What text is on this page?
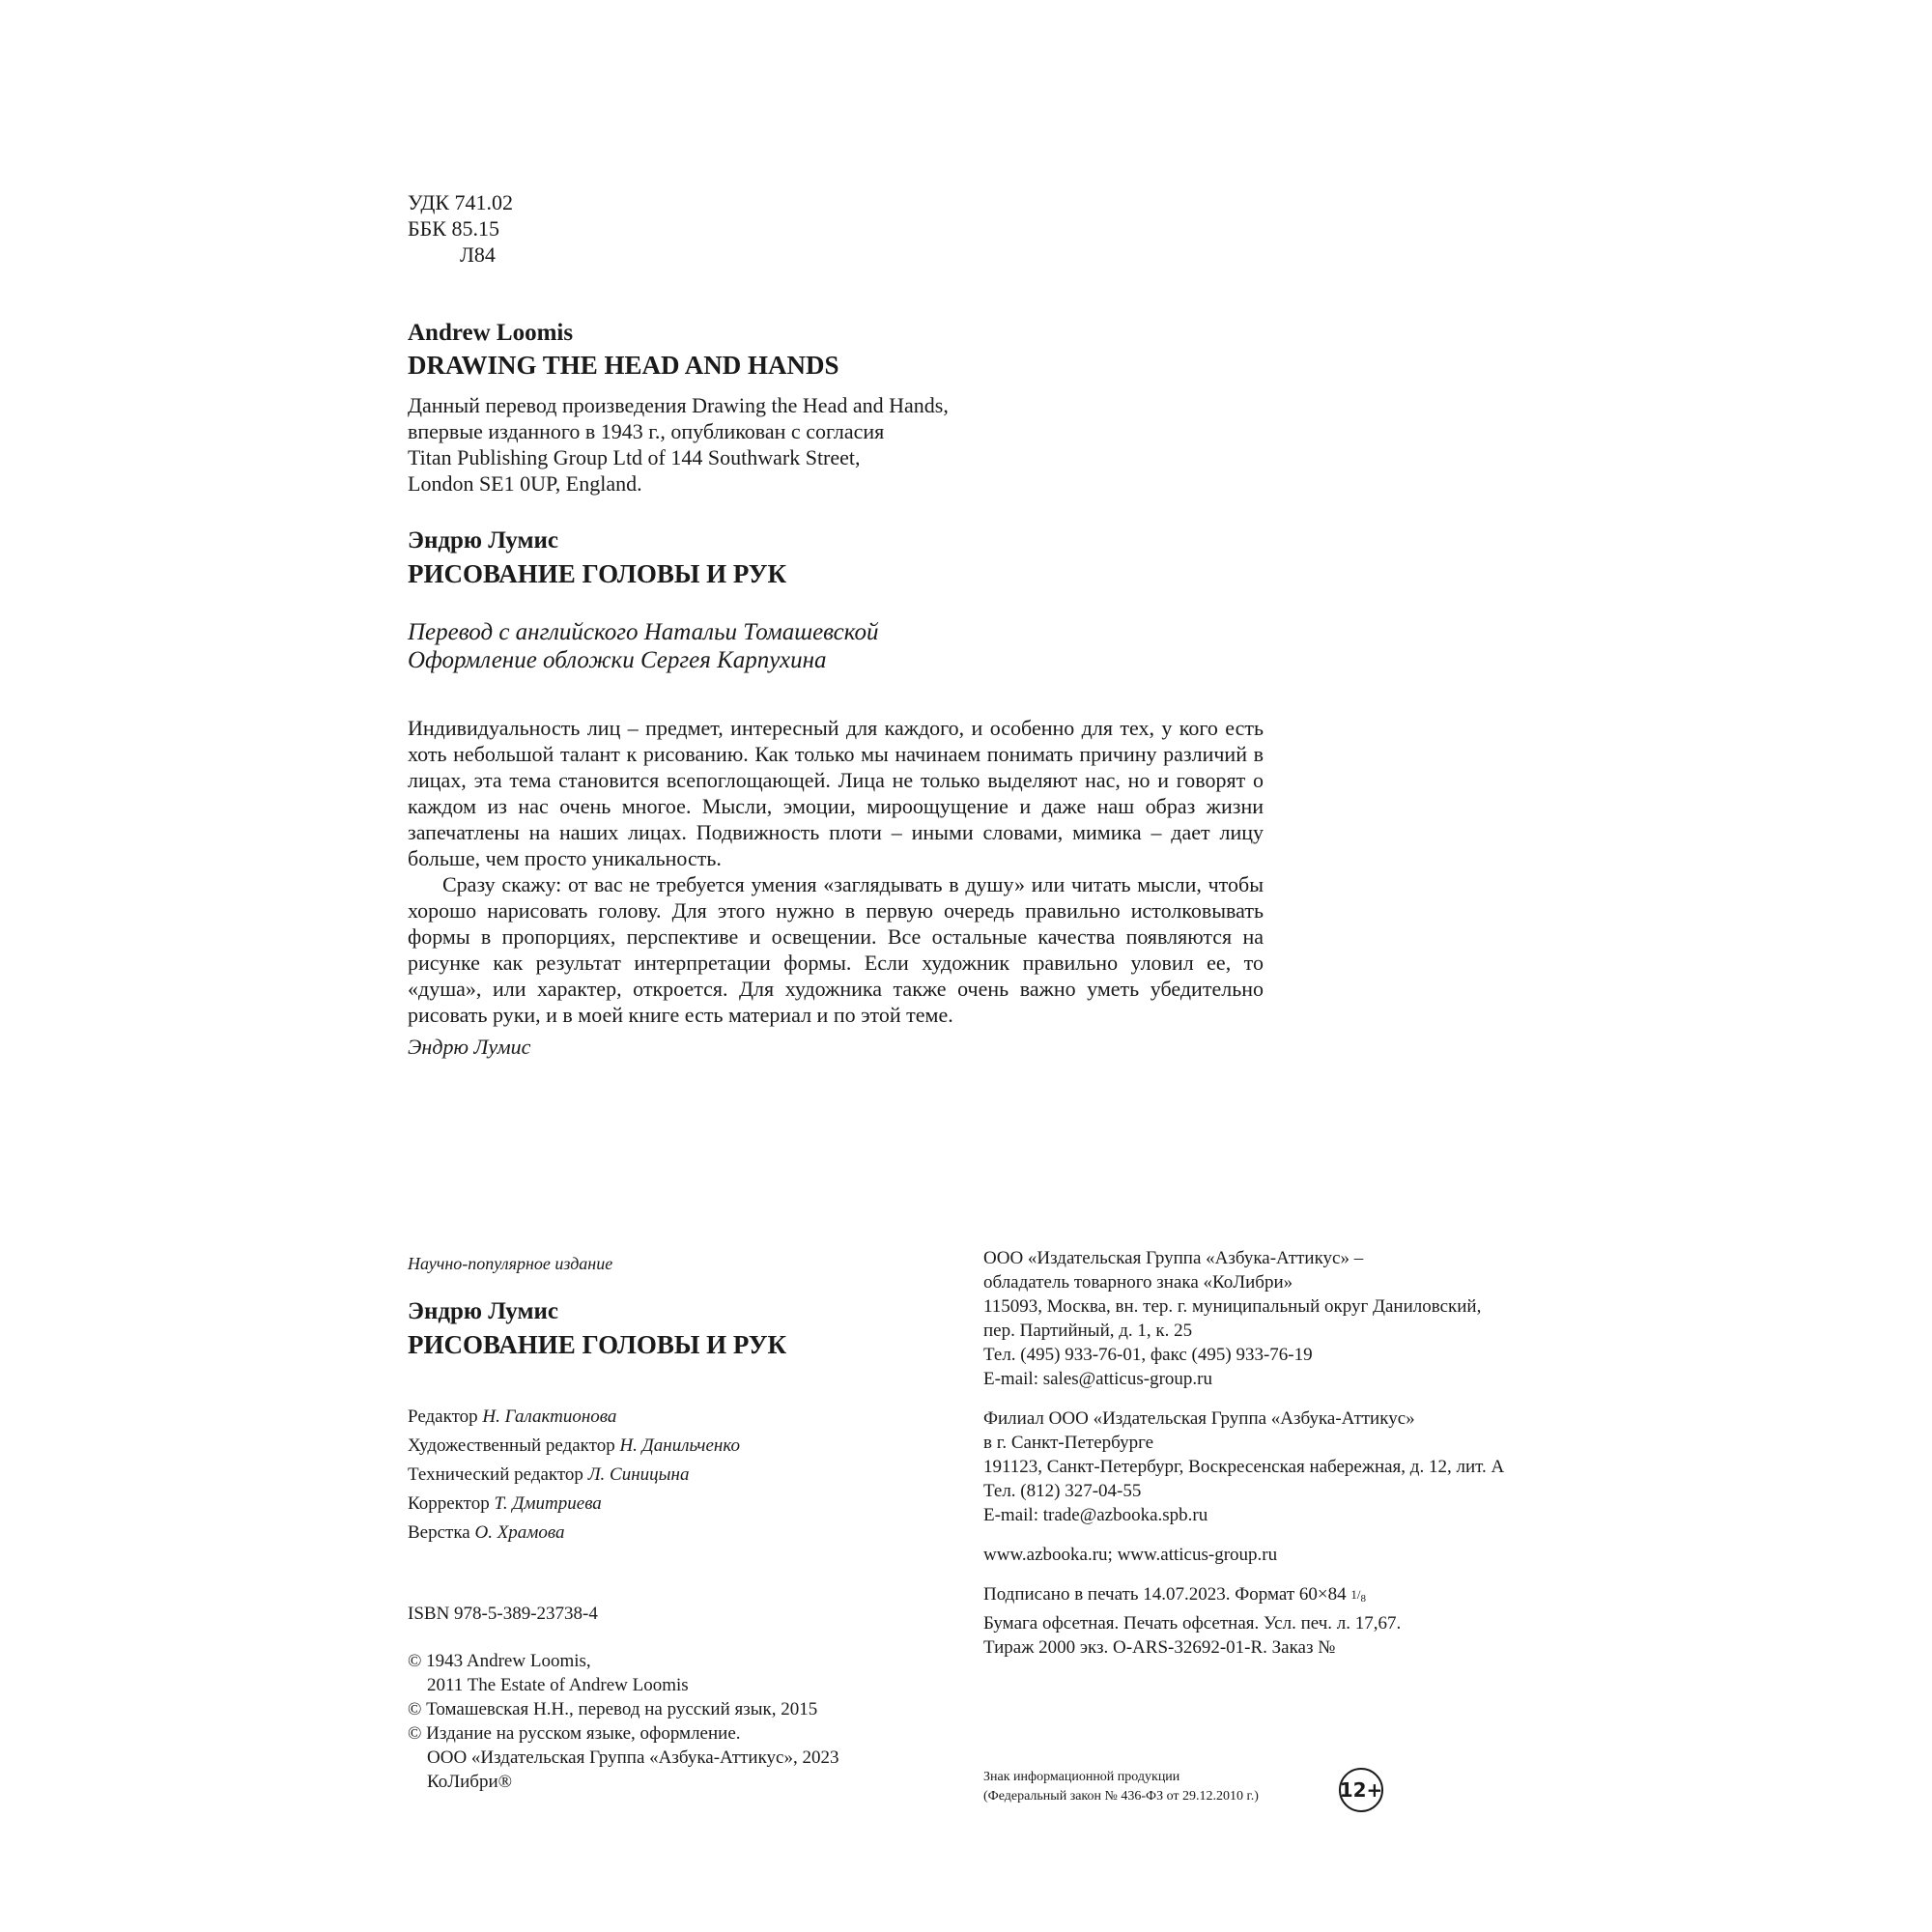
УДК 741.02
ББК 85.15
Л84
Andrew Loomis
DRAWING THE HEAD AND HANDS
Данный перевод произведения Drawing the Head and Hands,
впервые изданного в 1943 г., опубликован с согласия
Titan Publishing Group Ltd of 144 Southwark Street,
London SE1 0UP, England.
Эндрю Лумис
РИСОВАНИЕ ГОЛОВЫ И РУК
Перевод с английского Натальи Томашевской
Оформление обложки Сергея Карпухина

Индивидуальность лиц – предмет, интересный для каждого, и особенно для тех, у кого есть хоть небольшой талант к рисованию. Как только мы начинаем понимать причину различий в лицах, эта тема становится всепоглощающей. Лица не только выделяют нас, но и говорят о каждом из нас очень многое. Мысли, эмоции, мироощущение и даже наш образ жизни запечатлены на наших лицах. Подвижность плоти – иными словами, мимика – дает лицу больше, чем просто уникальность.

Сразу скажу: от вас не требуется умения «заглядывать в душу» или читать мысли, чтобы хорошо нарисовать голову. Для этого нужно в первую очередь правильно истолковывать формы в пропорциях, перспективе и освещении. Все остальные качества появляются на рисунке как результат интерпретации формы. Если художник правильно уловил ее, то «душа», или характер, откроется. Для художника также очень важно уметь убедительно рисовать руки, и в моей книге есть материал и по этой теме.

Эндрю Лумис
Научно-популярное издание
Эндрю Лумис
РИСОВАНИЕ ГОЛОВЫ И РУК
Редактор Н. Галактионова
Художественный редактор Н. Данильченко
Технический редактор Л. Синицына
Корректор Т. Дмитриева
Верстка О. Храмова
ISBN 978-5-389-23738-4
© 1943 Andrew Loomis,
2011 The Estate of Andrew Loomis
© Томашевская Н.Н., перевод на русский язык, 2015
© Издание на русском языке, оформление.
ООО «Издательская Группа «Азбука-Аттикус», 2023
КоЛибри®
ООО «Издательская Группа «Азбука-Аттикус» –
обладатель товарного знака «КоЛибри»
115093, Москва, вн. тер. г. муниципальный округ Даниловский,
пер. Партийный, д. 1, к. 25
Тел. (495) 933-76-01, факс (495) 933-76-19
E-mail: sales@atticus-group.ru
Филиал ООО «Издательская Группа «Азбука-Аттикус»
в г. Санкт-Петербурге
191123, Санкт-Петербург, Воскресенская набережная, д. 12, лит. А
Тел. (812) 327-04-55
E-mail: trade@azbooka.spb.ru
www.azbooka.ru; www.atticus-group.ru
Подписано в печать 14.07.2023. Формат 60×84 $^{1/_8}$
Бумага офсетная. Печать офсетная. Усл. печ. л. 17,67.
Тираж 2000 экз. O-ARS-32692-01-R. Заказ №
Знак информационной продукции
(Федеральный закон № 436-ФЗ от 29.12.2010 г.)	12+
